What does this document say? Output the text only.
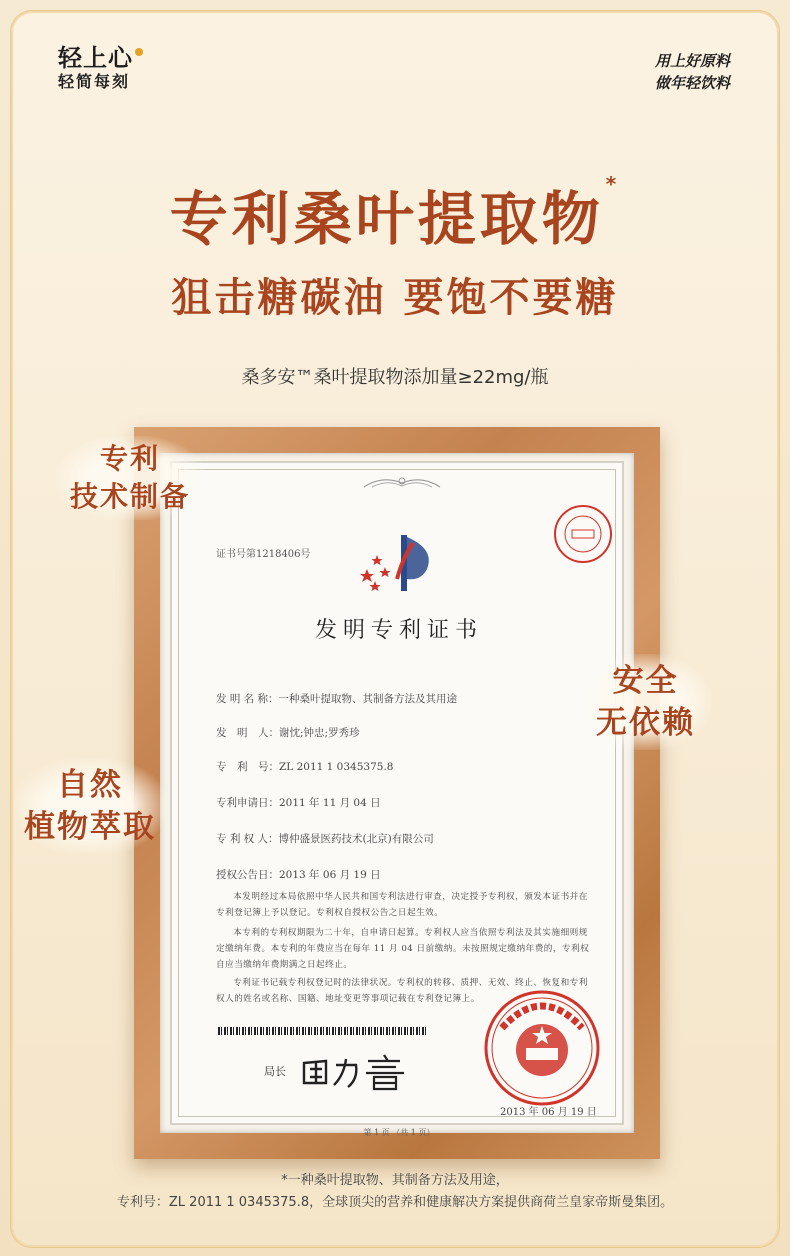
轻上心
轻简每刻
用上好原料
做年轻饮料
专利桑叶提取物*
狙击糖碳油 要饱不要糖
桑多安™桑叶提取物添加量≥22mg/瓶
证书号第1218406号
发明专利证书
发 明 名 称：一种桑叶提取物、其制备方法及其用途
发　明　人：谢忱;钟忠;罗秀珍
专　利　号：ZL 2011 1 0345375.8
专利申请日：2011 年 11 月 04 日
专 利 权 人：博仲盛景医药技术(北京)有限公司
授权公告日：2013 年 06 月 19 日
本发明经过本局依照中华人民共和国专利法进行审查，决定授予专利权，颁发本证书并在专利登记簿上予以登记。专利权自授权公告之日起生效。
本专利的专利权期限为二十年，自申请日起算。专利权人应当依照专利法及其实施细则规定缴纳年费。本专利的年费应当在每年 11 月 04 日前缴纳。未按照规定缴纳年费的，专利权自应当缴纳年费期满之日起终止。
专利证书记载专利权登记时的法律状况。专利权的转移、质押、无效、终止、恢复和专利权人的姓名或名称、国籍、地址变更等事项记载在专利登记簿上。
局长
2013 年 06 月 19 日
第 1 页 （共 1 页）
专利
技术制备
安全
无依赖
自然
植物萃取
*一种桑叶提取物、其制备方法及用途，
专利号：ZL 2011 1 0345375.8，全球顶尖的营养和健康解决方案提供商荷兰皇家帝斯曼集团。
